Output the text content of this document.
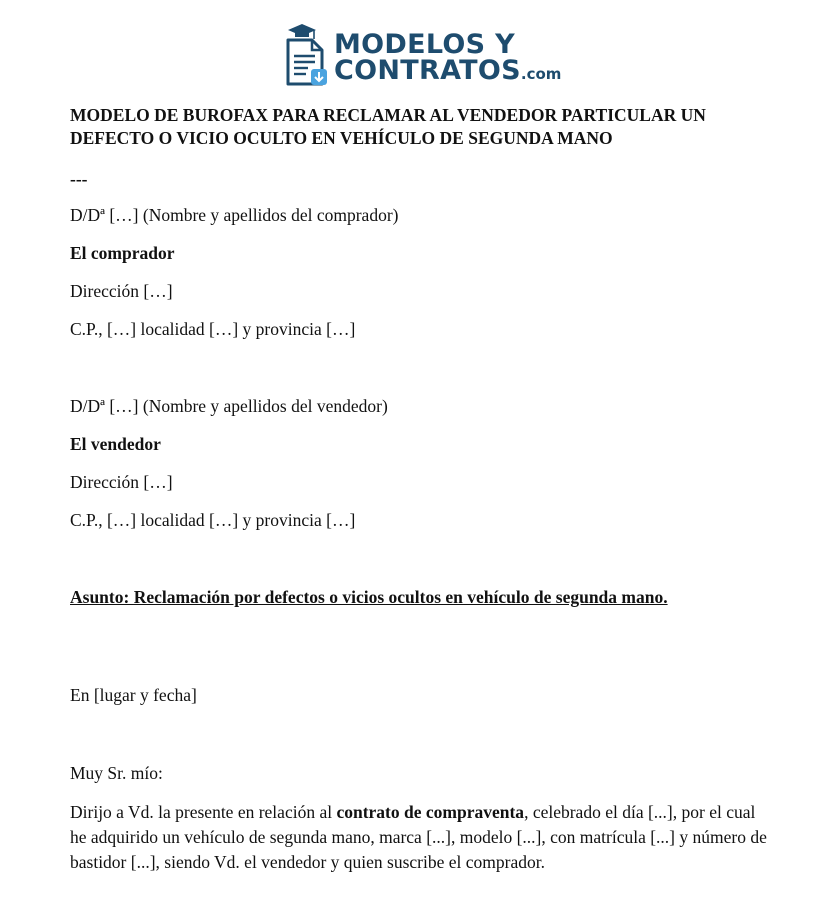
MODELOS Y
CONTRATOS.com

MODELO DE BUROFAX PARA RECLAMAR AL VENDEDOR PARTICULAR UN DEFECTO O VICIO OCULTO EN VEHÍCULO DE SEGUNDA MANO

---
D/Dª […] (Nombre y apellidos del comprador)
El comprador
Dirección […]
C.P., […] localidad […] y provincia […]
D/Dª […] (Nombre y apellidos del vendedor)
El vendedor
Dirección […]
C.P., […] localidad […] y provincia […]
Asunto: Reclamación por defectos o vicios ocultos en vehículo de segunda mano.
En [lugar y fecha]
Muy Sr. mío:
Dirijo a Vd. la presente en relación al contrato de compraventa, celebrado el día [...], por el cual he adquirido un vehículo de segunda mano, marca [...], modelo [...], con matrícula [...] y número de bastidor [...], siendo Vd. el vendedor y quien suscribe el comprador.
